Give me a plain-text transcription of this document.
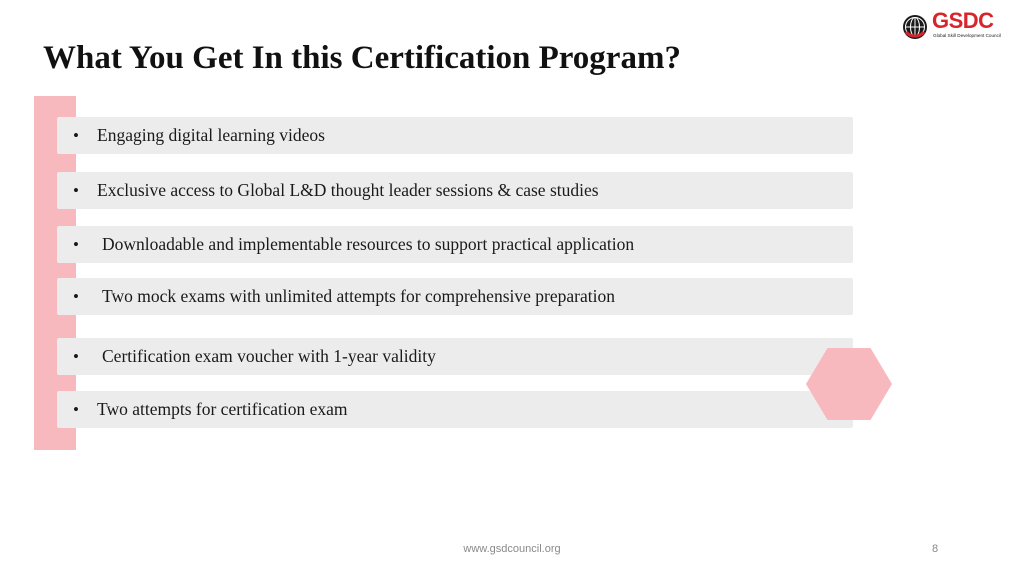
What You Get In this Certification Program?
GSDC
Global Skill Development Council
•	Engaging digital learning videos
•	Exclusive access to Global L&D thought leader sessions & case studies
•	Downloadable and implementable resources to support practical application
•	Two mock exams with unlimited attempts for comprehensive preparation
•	Certification exam voucher with 1-year validity
•	Two attempts for certification exam
www.gsdcouncil.org	8
